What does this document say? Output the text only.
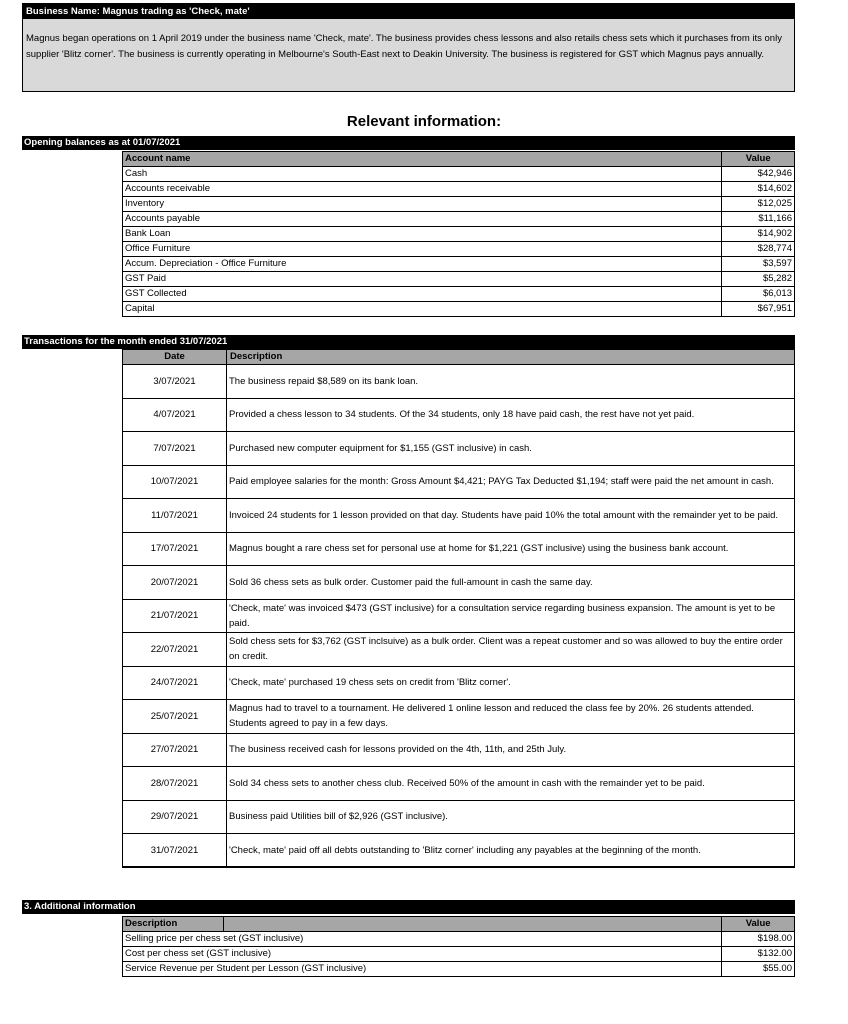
Business Name: Magnus trading as 'Check, mate'
Magnus began operations on 1 April 2019 under the business name 'Check, mate'. The business provides chess lessons and also retails chess sets which it purchases from its only supplier 'Blitz corner'. The business is currently operating in Melbourne's South-East next to Deakin University. The business is registered for GST which Magnus pays annually.
Relevant information:
Opening balances as at 01/07/2021
Account name		Value
Cash		$42,946
Accounts receivable		$14,602
Inventory		$12,025
Accounts payable		$11,166
Bank Loan		$14,902
Office Furniture		$28,774
Accum. Depreciation - Office Furniture		$3,597
GST Paid		$5,282
GST Collected		$6,013
Capital		$67,951
Transactions for the month ended 31/07/2021
Date	Description
3/07/2021	The business repaid $8,589 on its bank loan.
4/07/2021	Provided a chess lesson to 34 students. Of the 34 students, only 18 have paid cash, the rest have not yet paid.
7/07/2021	Purchased new computer equipment for $1,155 (GST inclusive) in cash.
10/07/2021	Paid employee salaries for the month: Gross Amount $4,421; PAYG Tax Deducted $1,194; staff were paid the net amount in cash.
11/07/2021	Invoiced 24 students for 1 lesson provided on that day. Students have paid 10% the total amount with the remainder yet to be paid.
17/07/2021	Magnus bought a rare chess set for personal use at home for $1,221 (GST inclusive) using the business bank account.
20/07/2021	Sold 36 chess sets as bulk order. Customer paid the full-amount in cash the same day.
21/07/2021	'Check, mate' was invoiced $473 (GST inclusive) for a consultation service regarding business expansion. The amount is yet to be paid.
22/07/2021	Sold chess sets for $3,762 (GST inclsuive) as a bulk order. Client was a repeat customer and so was allowed to buy the entire order on credit.
24/07/2021	'Check, mate' purchased 19 chess sets on credit from 'Blitz corner'.
25/07/2021	Magnus had to travel to a tournament. He delivered 1 online lesson and reduced the class fee by 20%. 26 students attended. Students agreed to pay in a few days.
27/07/2021	The business received cash for lessons provided on the 4th, 11th, and 25th July.
28/07/2021	Sold 34 chess sets to another chess club. Received 50% of the amount in cash with the remainder yet to be paid.
29/07/2021	Business paid Utilities bill of $2,926 (GST inclusive).
31/07/2021	'Check, mate' paid off all debts outstanding to 'Blitz corner' including any payables at the beginning of the month.
3. Additional information
Description		Value
Selling price per chess set (GST inclusive)		$198.00
Cost per chess set (GST inclusive)		$132.00
Service Revenue per Student per Lesson (GST inclusive)		$55.00
